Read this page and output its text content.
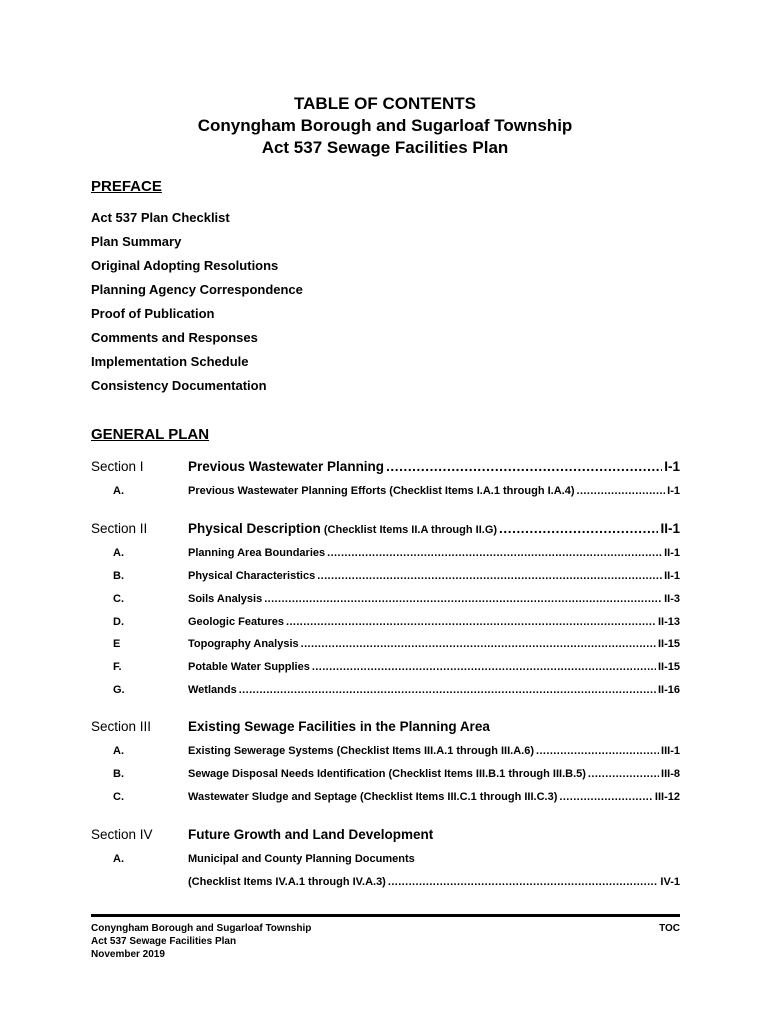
TABLE OF CONTENTS
Conyngham Borough and Sugarloaf Township
Act 537 Sewage Facilities Plan
PREFACE
Act 537 Plan Checklist
Plan Summary
Original Adopting Resolutions
Planning Agency Correspondence
Proof of Publication
Comments and Responses
Implementation Schedule
Consistency Documentation
GENERAL PLAN
Section I	Previous Wastewater Planning .....	I-1
A.	Previous Wastewater Planning Efforts (Checklist Items I.A.1 through I.A.4) .....	I-1
Section II	Physical Description (Checklist Items II.A through II.G) .....	II-1
A.	Planning Area Boundaries .....	II-1
B.	Physical Characteristics .....	II-1
C.	Soils Analysis .....	II-3
D.	Geologic Features .....	II-13
E	Topography Analysis .....	II-15
F.	Potable Water Supplies .....	II-15
G.	Wetlands .....	II-16
Section III	Existing Sewage Facilities in the Planning Area
A.	Existing Sewerage Systems (Checklist Items III.A.1 through III.A.6) .....	III-1
B.	Sewage Disposal Needs Identification (Checklist Items III.B.1 through III.B.5) .....	III-8
C.	Wastewater Sludge and Septage (Checklist Items III.C.1 through III.C.3) .....	III-12
Section IV	Future Growth and Land Development
A.	Municipal and County Planning Documents
(Checklist Items IV.A.1 through IV.A.3) .....	IV-1
Conyngham Borough and Sugarloaf Township
Act 537 Sewage Facilities Plan
November 2019
TOC
